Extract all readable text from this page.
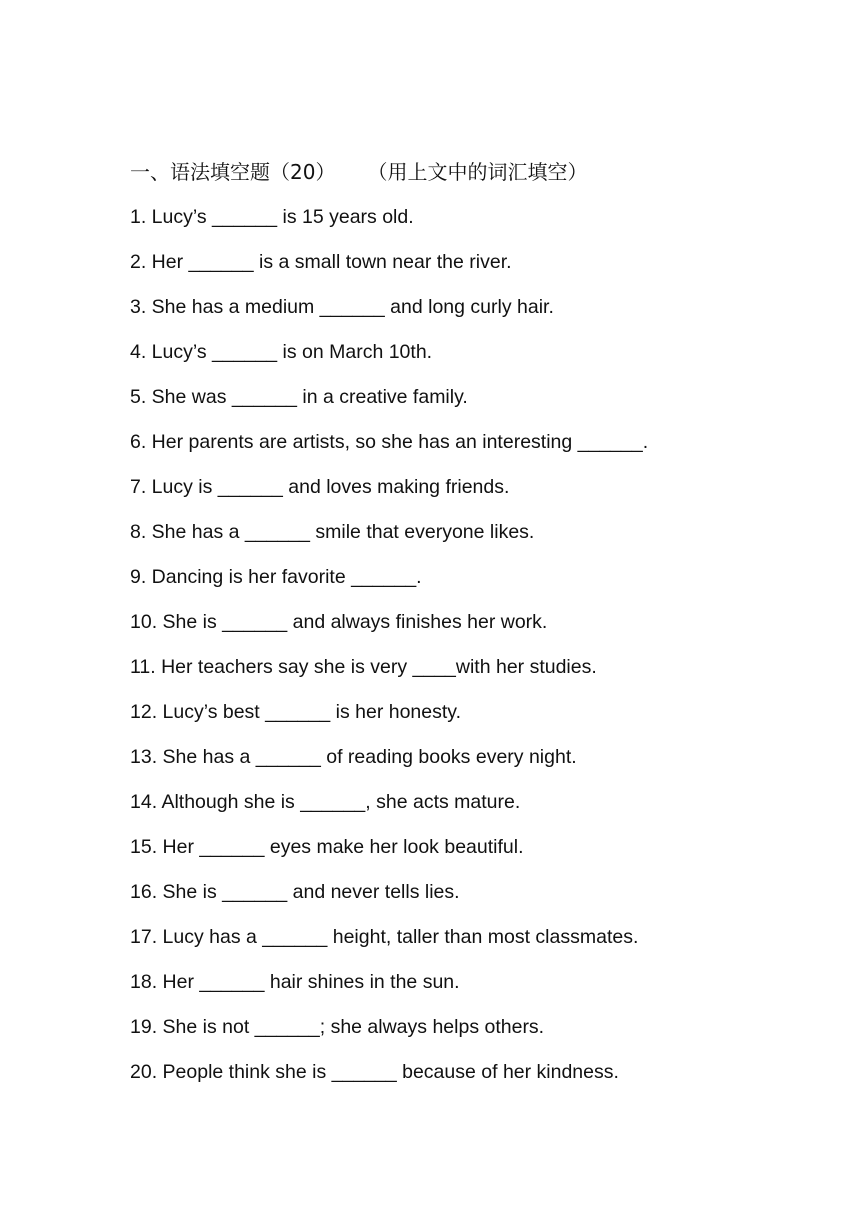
一、语法填空题（20） （用上文中的词汇填空）
1. Lucy’s ______ is 15 years old.
2. Her ______ is a small town near the river.
3. She has a medium ______ and long curly hair.
4. Lucy’s ______ is on March 10th.
5. She was ______ in a creative family.
6. Her parents are artists, so she has an interesting ______.
7. Lucy is ______ and loves making friends.
8. She has a ______ smile that everyone likes.
9. Dancing is her favorite ______.
10. She is ______ and always finishes her work.
11. Her teachers say she is very ____with her studies.
12. Lucy’s best ______ is her honesty.
13. She has a ______ of reading books every night.
14. Although she is ______, she acts mature.
15. Her ______ eyes make her look beautiful.
16. She is ______ and never tells lies.
17. Lucy has a ______ height, taller than most classmates.
18. Her ______ hair shines in the sun.
19. She is not ______; she always helps others.
20. People think she is ______ because of her kindness.
